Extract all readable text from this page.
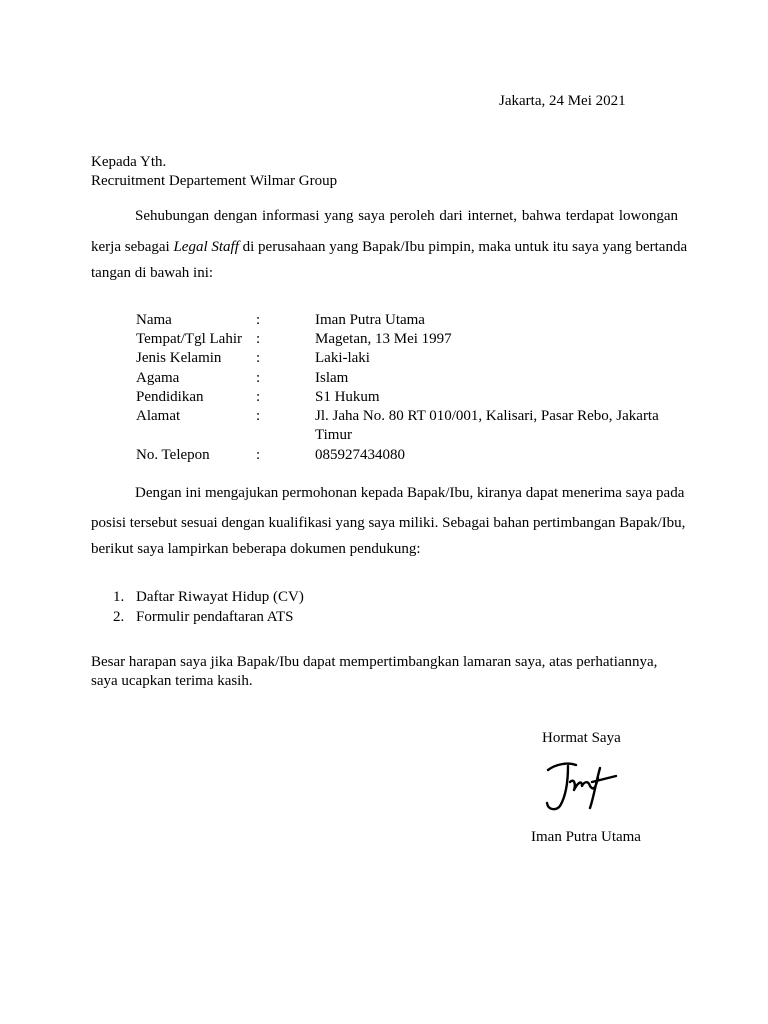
Jakarta, 24 Mei 2021
Kepada Yth.
Recruitment Departement Wilmar Group
Sehubungan dengan informasi yang saya peroleh dari internet, bahwa terdapat lowongan
kerja sebagai Legal Staff di perusahaan yang Bapak/Ibu pimpin, maka untuk itu saya yang bertanda
tangan di bawah ini:
Nama	:	Iman Putra Utama
Tempat/Tgl Lahir :	Magetan, 13 Mei 1997
Jenis Kelamin :	Laki-laki
Agama	:	Islam
Pendidikan	:	S1 Hukum
Alamat	:	Jl. Jaha No. 80 RT 010/001, Kalisari, Pasar Rebo, Jakarta
Timur
No. Telepon	:	085927434080
Dengan ini mengajukan permohonan kepada Bapak/Ibu, kiranya dapat menerima saya pada
posisi tersebut sesuai dengan kualifikasi yang saya miliki. Sebagai bahan pertimbangan Bapak/Ibu,
berikut saya lampirkan beberapa dokumen pendukung:
1. Daftar Riwayat Hidup (CV)
2. Formulir pendaftaran ATS
Besar harapan saya jika Bapak/Ibu dapat mempertimbangkan lamaran saya, atas perhatiannya,
saya ucapkan terima kasih.
Hormat Saya
Iman Putra Utama
